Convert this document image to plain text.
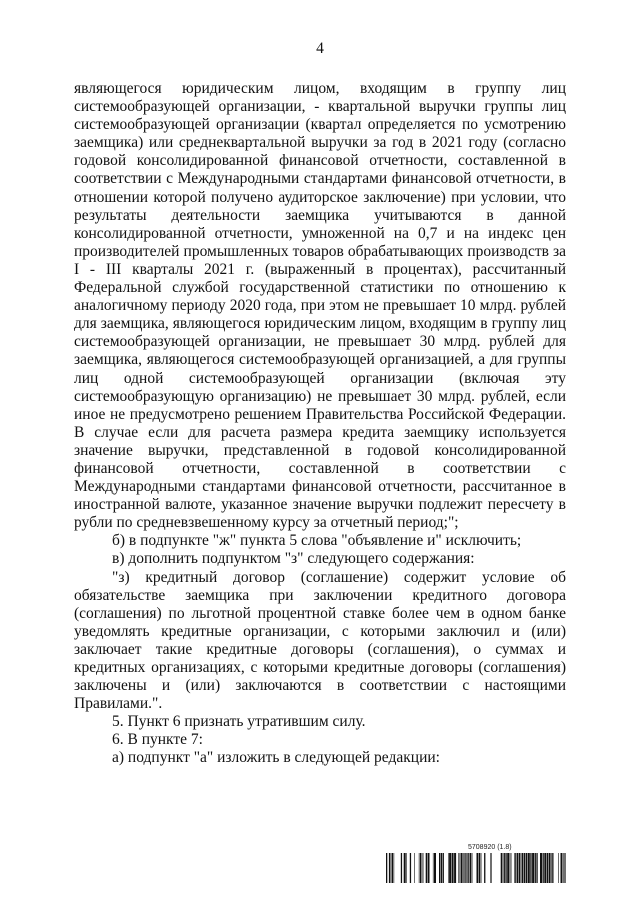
4

являющегося юридическим лицом, входящим в группу лиц системообразующей организации, - квартальной выручки группы лиц системообразующей организации (квартал определяется по усмотрению заемщика) или среднеквартальной выручки за год в 2021 году (согласно годовой консолидированной финансовой отчетности, составленной в соответствии с Международными стандартами финансовой отчетности, в отношении которой получено аудиторское заключение) при условии, что результаты деятельности заемщика учитываются в данной консолидированной отчетности, умноженной на 0,7 и на индекс цен производителей промышленных товаров обрабатывающих производств за I - III кварталы 2021 г. (выраженный в процентах), рассчитанный Федеральной службой государственной статистики по отношению к аналогичному периоду 2020 года, при этом не превышает 10 млрд. рублей для заемщика, являющегося юридическим лицом, входящим в группу лиц системообразующей организации, не превышает 30 млрд. рублей для заемщика, являющегося системообразующей организацией, а для группы лиц одной системообразующей организации (включая эту системообразующую организацию) не превышает 30 млрд. рублей, если иное не предусмотрено решением Правительства Российской Федерации. В случае если для расчета размера кредита заемщику используется значение выручки, представленной в годовой консолидированной финансовой отчетности, составленной в соответствии с Международными стандартами финансовой отчетности, рассчитанное в иностранной валюте, указанное значение выручки подлежит пересчету в рубли по средневзвешенному курсу за отчетный период;";

б) в подпункте "ж" пункта 5 слова "объявление и" исключить;

в) дополнить подпунктом "з" следующего содержания:

"з) кредитный договор (соглашение) содержит условие об обязательстве заемщика при заключении кредитного договора (соглашения) по льготной процентной ставке более чем в одном банке уведомлять кредитные организации, с которыми заключил и (или) заключает такие кредитные договоры (соглашения), о суммах и кредитных организациях, с которыми кредитные договоры (соглашения) заключены и (или) заключаются в соответствии с настоящими Правилами.".

5. Пункт 6 признать утратившим силу.

6. В пункте 7:

а) подпункт "а" изложить в следующей редакции:

5708920 (1.8)
